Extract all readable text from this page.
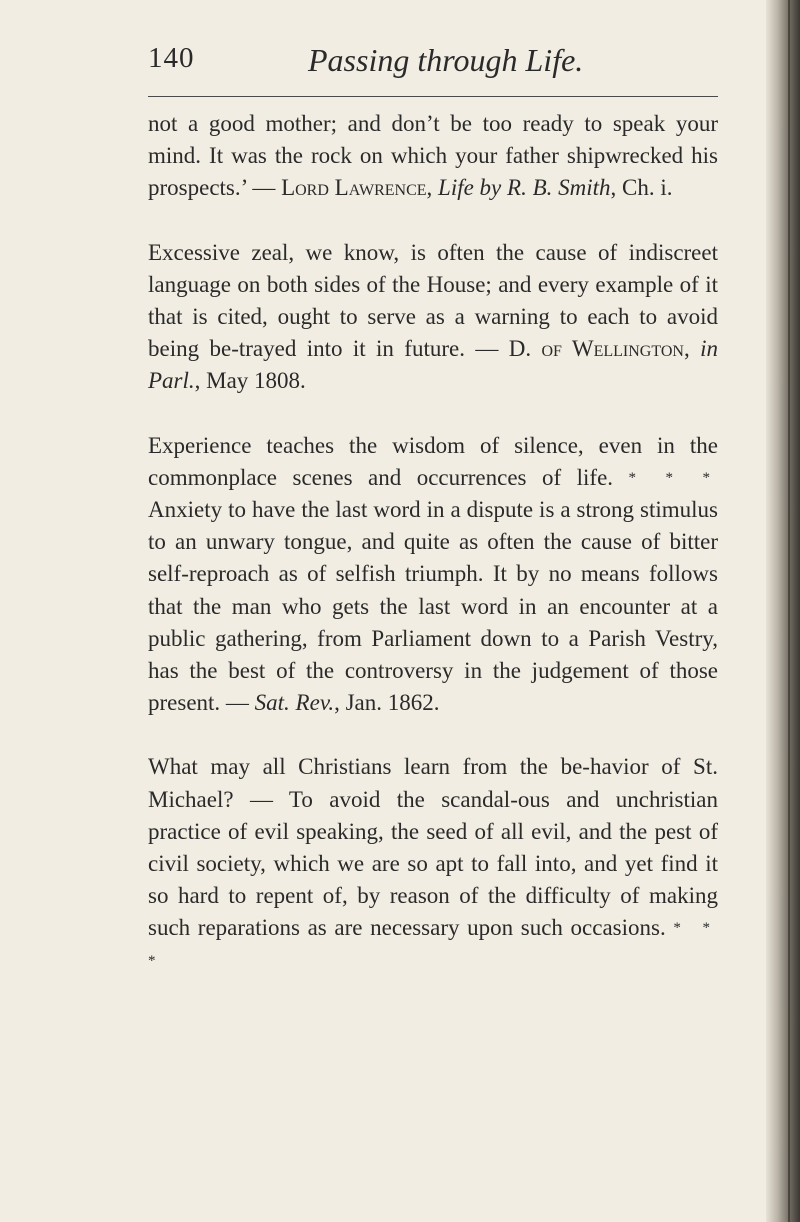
140	Passing through Life.

not a good mother; and don’t be too ready to speak your mind. It was the rock on which your father shipwrecked his prospects.’ — Lord Lawrence, Life by R. B. Smith, Ch. i.

Excessive zeal, we know, is often the cause of indiscreet language on both sides of the House; and every example of it that is cited, ought to serve as a warning to each to avoid being be-trayed into it in future. — D. of Wellington, in Parl., May 1808.

Experience teaches the wisdom of silence, even in the commonplace scenes and occurrences of life. * * * Anxiety to have the last word in a dispute is a strong stimulus to an unwary tongue, and quite as often the cause of bitter self-reproach as of selfish triumph. It by no means follows that the man who gets the last word in an encounter at a public gathering, from Parliament down to a Parish Vestry, has the best of the controversy in the judgement of those present. — Sat. Rev., Jan. 1862.

What may all Christians learn from the be-havior of St. Michael? — To avoid the scandal-ous and unchristian practice of evil speaking, the seed of all evil, and the pest of civil society, which we are so apt to fall into, and yet find it so hard to repent of, by reason of the difficulty of making such reparations as are necessary upon such occasions. * * *
